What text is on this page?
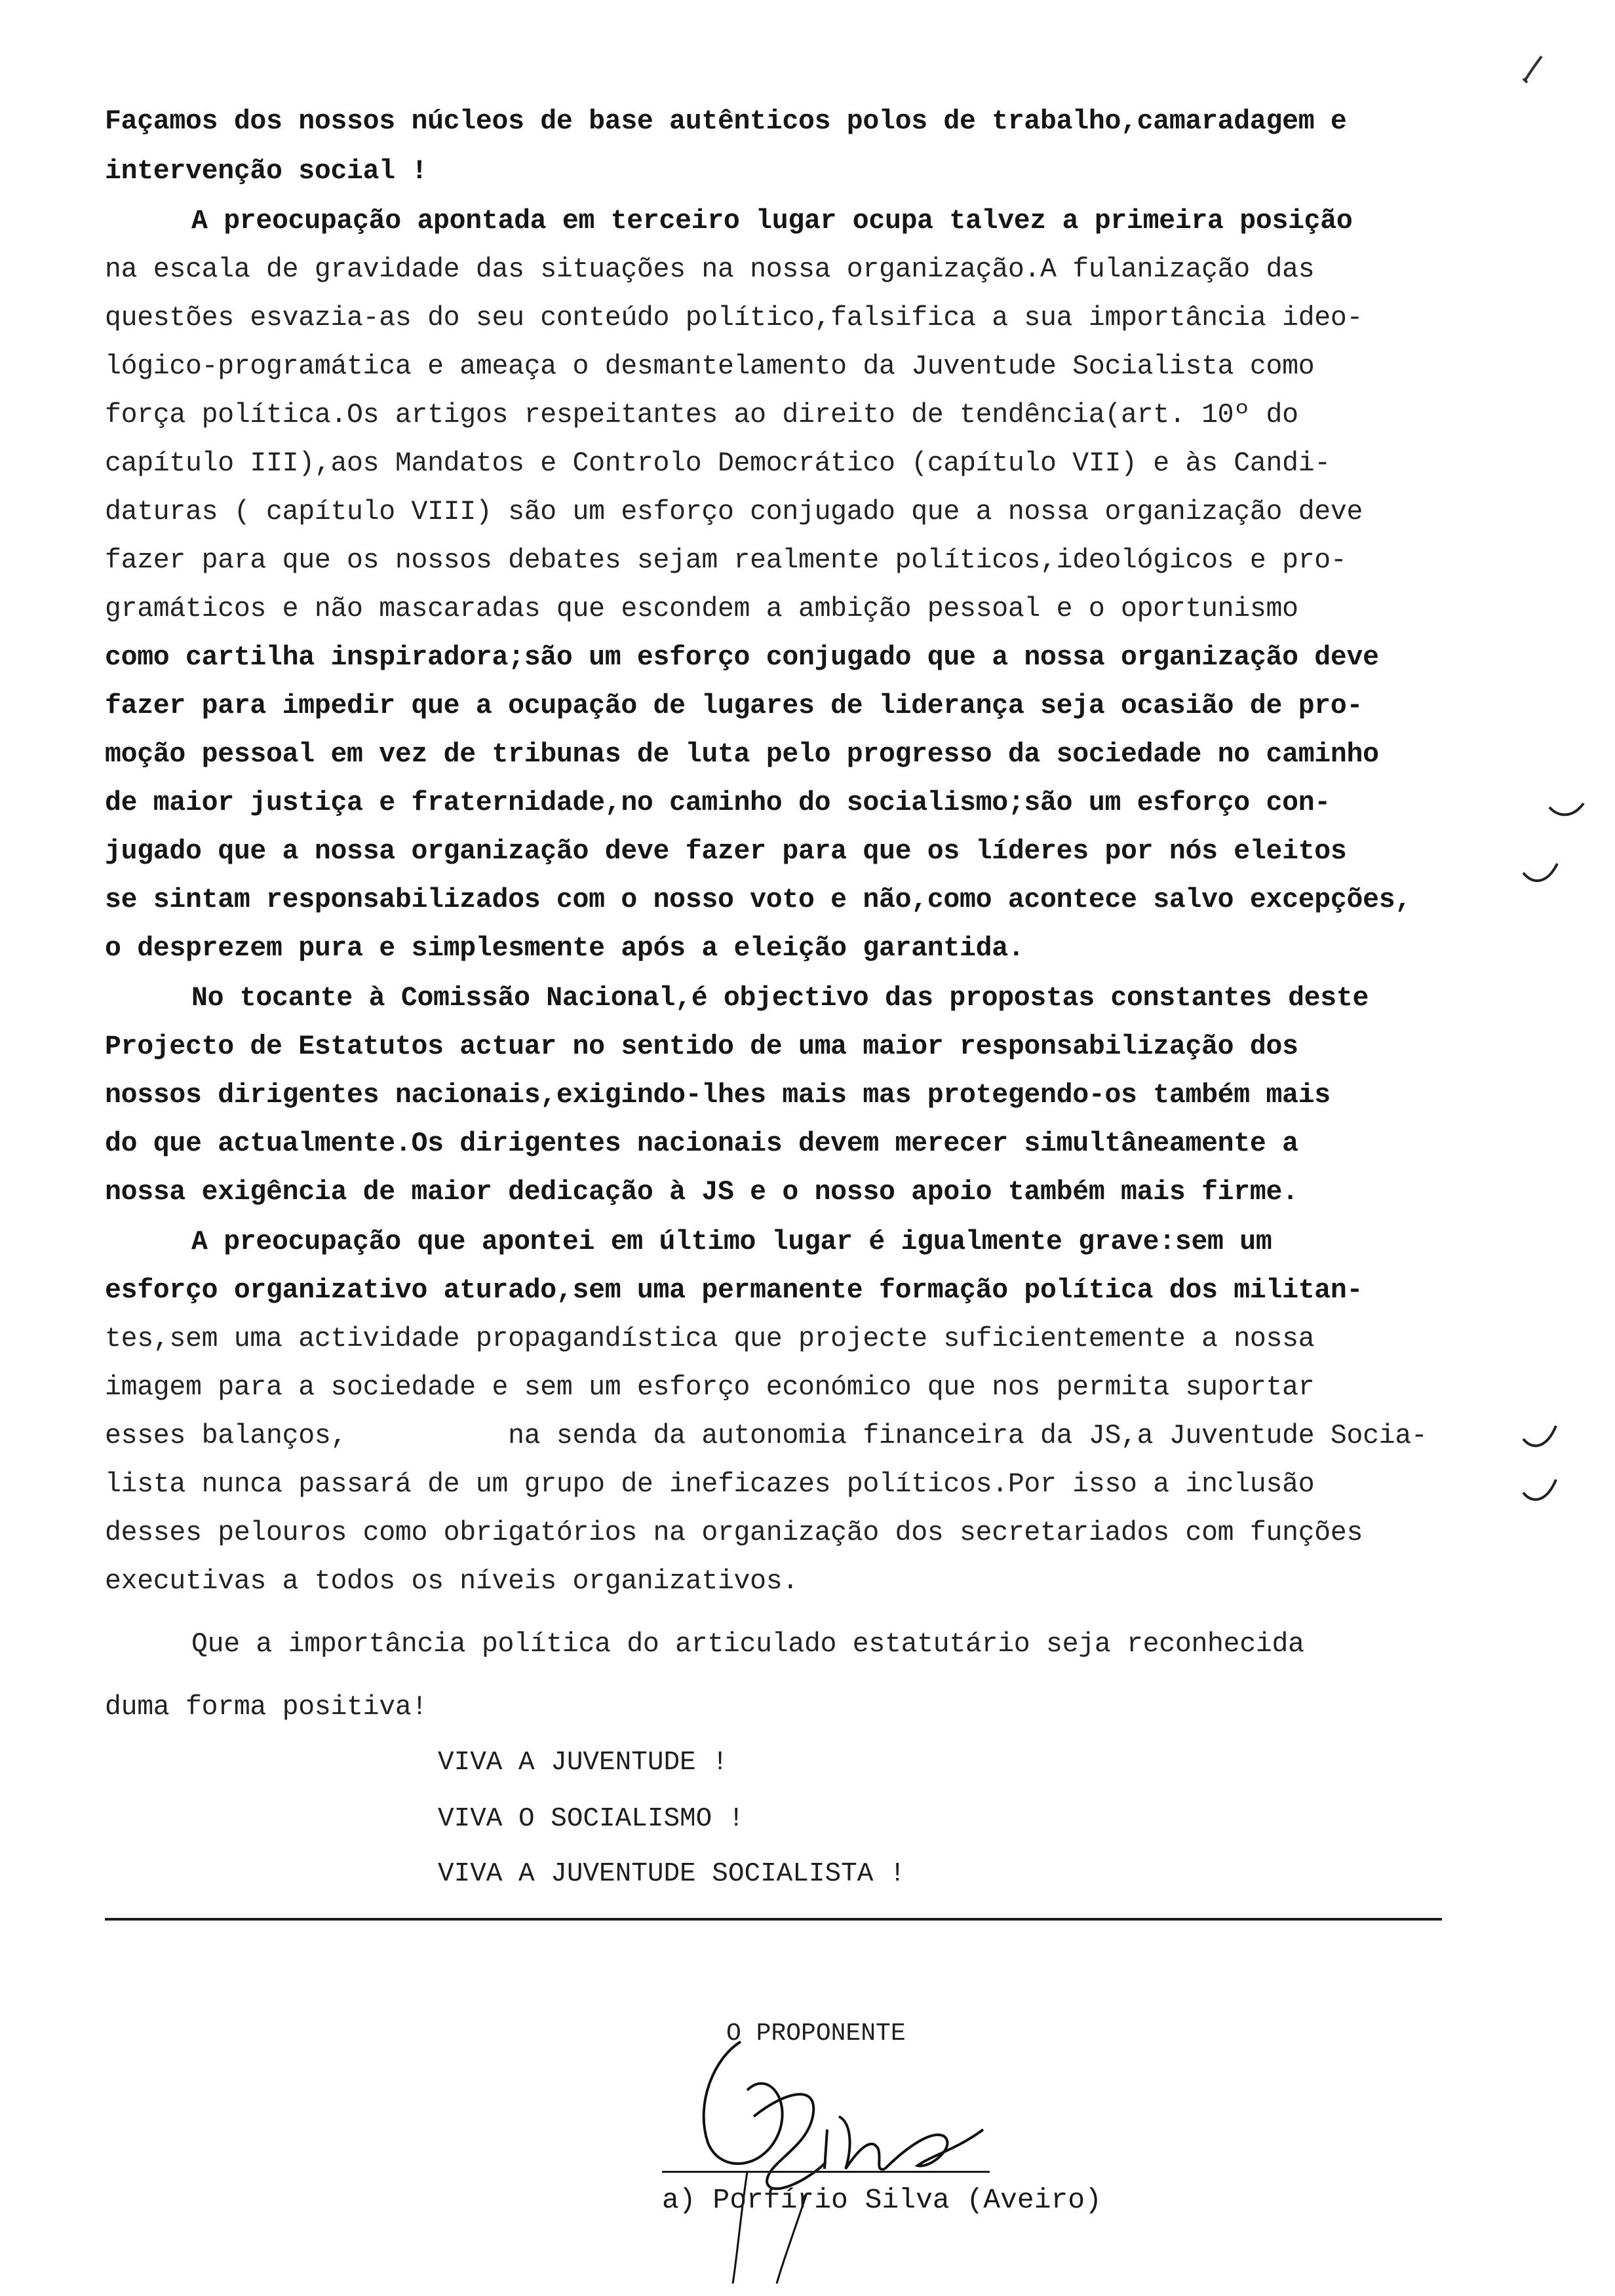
Façamos dos nossos núcleos de base autênticos polos de trabalho,camaradagem e
intervenção social !
A preocupação apontada em terceiro lugar ocupa talvez a primeira posição
na escala de gravidade das situações na nossa organização.A fulanização das
questões esvazia-as do seu conteúdo político,falsifica a sua importância ideo-
lógico-programática e ameaça o desmantelamento da Juventude Socialista como
força política.Os artigos respeitantes ao direito de tendência(art. 10º do
capítulo III),aos Mandatos e Controlo Democrático (capítulo VII) e às Candi-
daturas ( capítulo VIII) são um esforço conjugado que a nossa organização deve
fazer para que os nossos debates sejam realmente políticos,ideológicos e pro-
gramáticos e não mascaradas que escondem a ambição pessoal e o oportunismo
como cartilha inspiradora;são um esforço conjugado que a nossa organização deve
fazer para impedir que a ocupação de lugares de liderança seja ocasião de pro-
moção pessoal em vez de tribunas de luta pelo progresso da sociedade no caminho
de maior justiça e fraternidade,no caminho do socialismo;são um esforço con-
jugado que a nossa organização deve fazer para que os líderes por nós eleitos
se sintam responsabilizados com o nosso voto e não,como acontece salvo excepções,
o desprezem pura e simplesmente após a eleição garantida.
No tocante à Comissão Nacional,é objectivo das propostas constantes deste
Projecto de Estatutos actuar no sentido de uma maior responsabilização dos
nossos dirigentes nacionais,exigindo-lhes mais mas protegendo-os também mais
do que actualmente.Os dirigentes nacionais devem merecer simultâneamente a
nossa exigência de maior dedicação à JS e o nosso apoio também mais firme.
A preocupação que apontei em último lugar é igualmente grave:sem um
esforço organizativo aturado,sem uma permanente formação política dos militan-
tes,sem uma actividade propagandística que projecte suficientemente a nossa
imagem para a sociedade e sem um esforço económico que nos permita suportar
esses balanços,          na senda da autonomia financeira da JS,a Juventude Socia-
lista nunca passará de um grupo de ineficazes políticos.Por isso a inclusão
desses pelouros como obrigatórios na organização dos secretariados com funções
executivas a todos os níveis organizativos.
Que a importância política do articulado estatutário seja reconhecida
duma forma positiva!
VIVA A JUVENTUDE !
VIVA O SOCIALISMO !
VIVA A JUVENTUDE SOCIALISTA !
O PROPONENTE
a) Porfírio Silva (Aveiro)
